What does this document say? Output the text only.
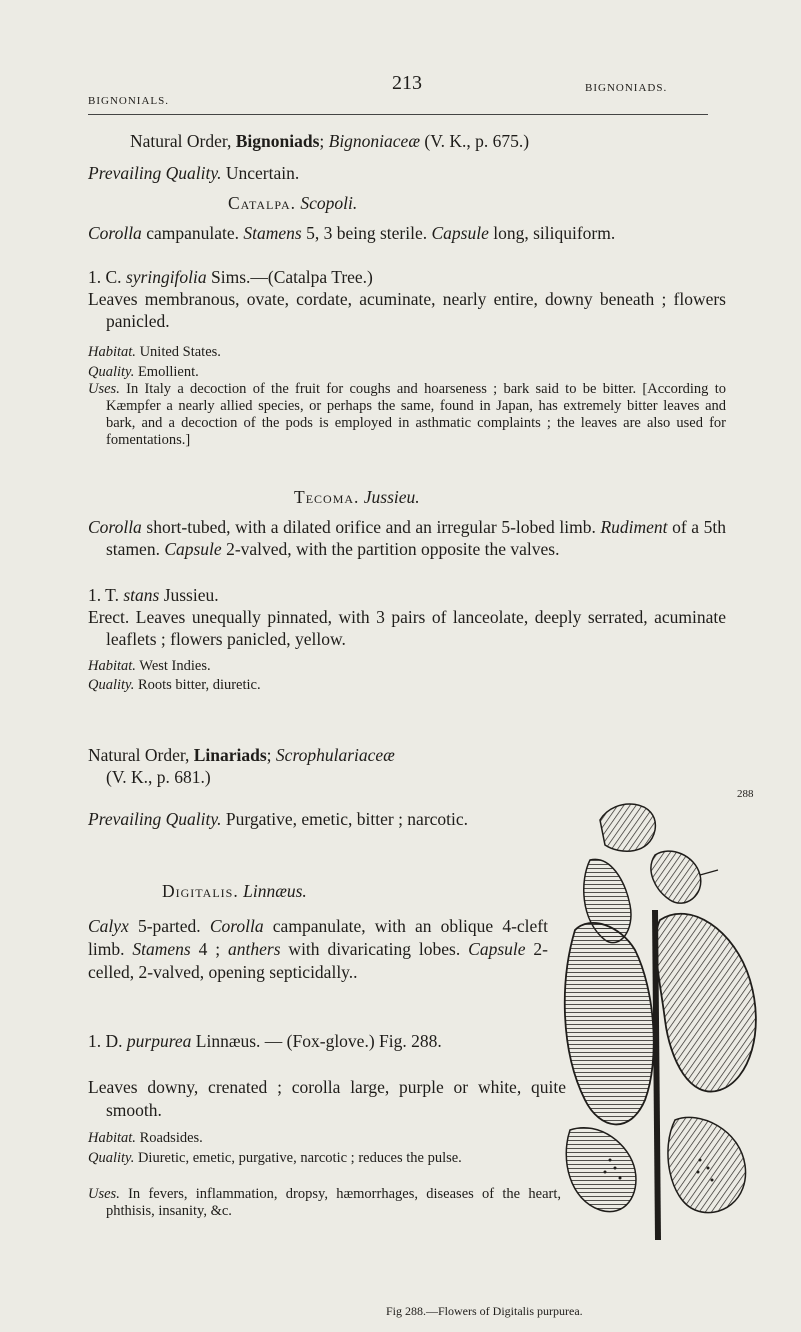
BIGNONIALS.
213	BIGNONIADS.

Natural Order, Bignoniads; Bignoniaceæ (V. K., p. 675.)

Prevailing Quality. Uncertain.

Catalpa. Scopoli.

Corolla campanulate. Stamens 5, 3 being sterile. Capsule long, siliquiform.

1. C. syringifolia Sims.—(Catalpa Tree.)

Leaves membranous, ovate, cordate, acuminate, nearly entire, downy beneath ; flowers panicled.

Habitat. United States.

Quality. Emollient.

Uses. In Italy a decoction of the fruit for coughs and hoarseness ; bark said to be bitter. [According to Kæmpfer a nearly allied species, or perhaps the same, found in Japan, has extremely bitter leaves and bark, and a decoction of the pods is employed in asthmatic complaints ; the leaves are also used for fomentations.]

Tecoma. Jussieu.

Corolla short-tubed, with a dilated orifice and an irregular 5-lobed limb. Rudiment of a 5th stamen. Capsule 2-valved, with the partition opposite the valves.

1. T. stans Jussieu.

Erect. Leaves unequally pinnated, with 3 pairs of lanceolate, deeply serrated, acuminate leaflets ; flowers panicled, yellow.

Habitat. West Indies.

Quality. Roots bitter, diuretic.

Natural Order, Linariads; Scrophulariaceæ
(V. K., p. 681.)

Prevailing Quality. Purgative, emetic, bitter ; narcotic.

Digitalis. Linnæus.

Calyx 5-parted. Corolla campanulate, with an oblique 4-cleft limb. Stamens 4 ; anthers with divaricating lobes. Capsule 2-celled, 2-valved, opening septicidally..

1. D. purpurea Linnæus. — (Fox-glove.) Fig. 288.

Leaves downy, crenated ; corolla large, purple or white, quite smooth.

Habitat. Roadsides.

Quality. Diuretic, emetic, purgative, narcotic ; reduces the pulse.

Uses. In fevers, inflammation, dropsy, hæmorrhages, diseases of the heart, phthisis, insanity, &c.

288
Fig 288.—Flowers of Digitalis purpurea.
